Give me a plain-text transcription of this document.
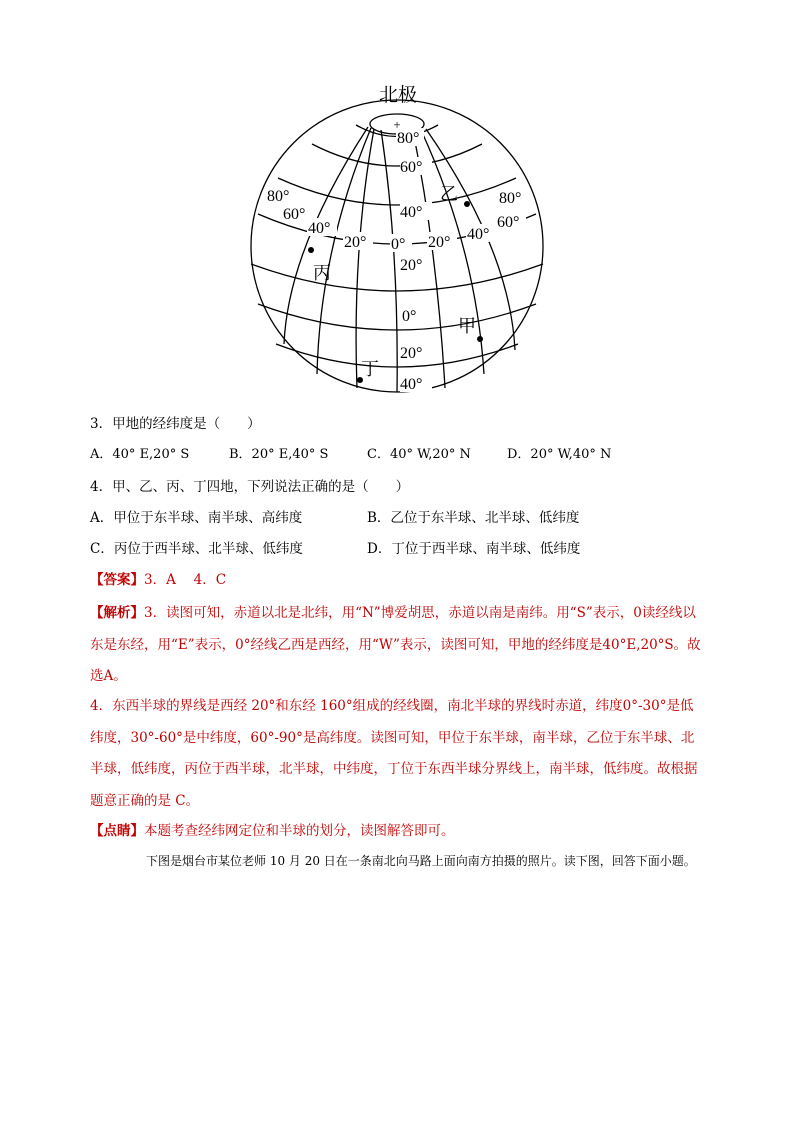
北极
+
80°
60°
40°
20°
0°
20°
40°
80°
60°
40°
80°
60°
40°
20° 0° 20°
乙
丙
甲
丁
3．甲地的经纬度是（　　）
A．40° E,20° S	B．20° E,40° S	C．40° W,20° N	D．20° W,40° N
4．甲、乙、丙、丁四地，下列说法正确的是（　　）
A．甲位于东半球、南半球、高纬度	B．乙位于东半球、北半球、低纬度
C．丙位于西半球、北半球、低纬度	D．丁位于西半球、南半球、低纬度
【答案】3．A　 4．C
【解析】3．读图可知，赤道以北是北纬，用“N”博爱胡思，赤道以南是南纬。用“S”表示，0读经线以东是东经，用“E”表示，0°经线乙西是西经，用“W”表示，读图可知，甲地的经纬度是40°E,20°S。故选A。
4．东西半球的界线是西经 20°和东经 160°组成的经线圈，南北半球的界线时赤道，纬度0°-30°是低纬度，30°-60°是中纬度，60°-90°是高纬度。读图可知，甲位于东半球，南半球，乙位于东半球、北半球，低纬度，丙位于西半球，北半球，中纬度，丁位于东西半球分界线上，南半球，低纬度。故根据题意正确的是 C。
【点睛】本题考查经纬网定位和半球的划分，读图解答即可。
下图是烟台市某位老师 10 月 20 日在一条南北向马路上面向南方拍摄的照片。读下图，回答下面小题。
